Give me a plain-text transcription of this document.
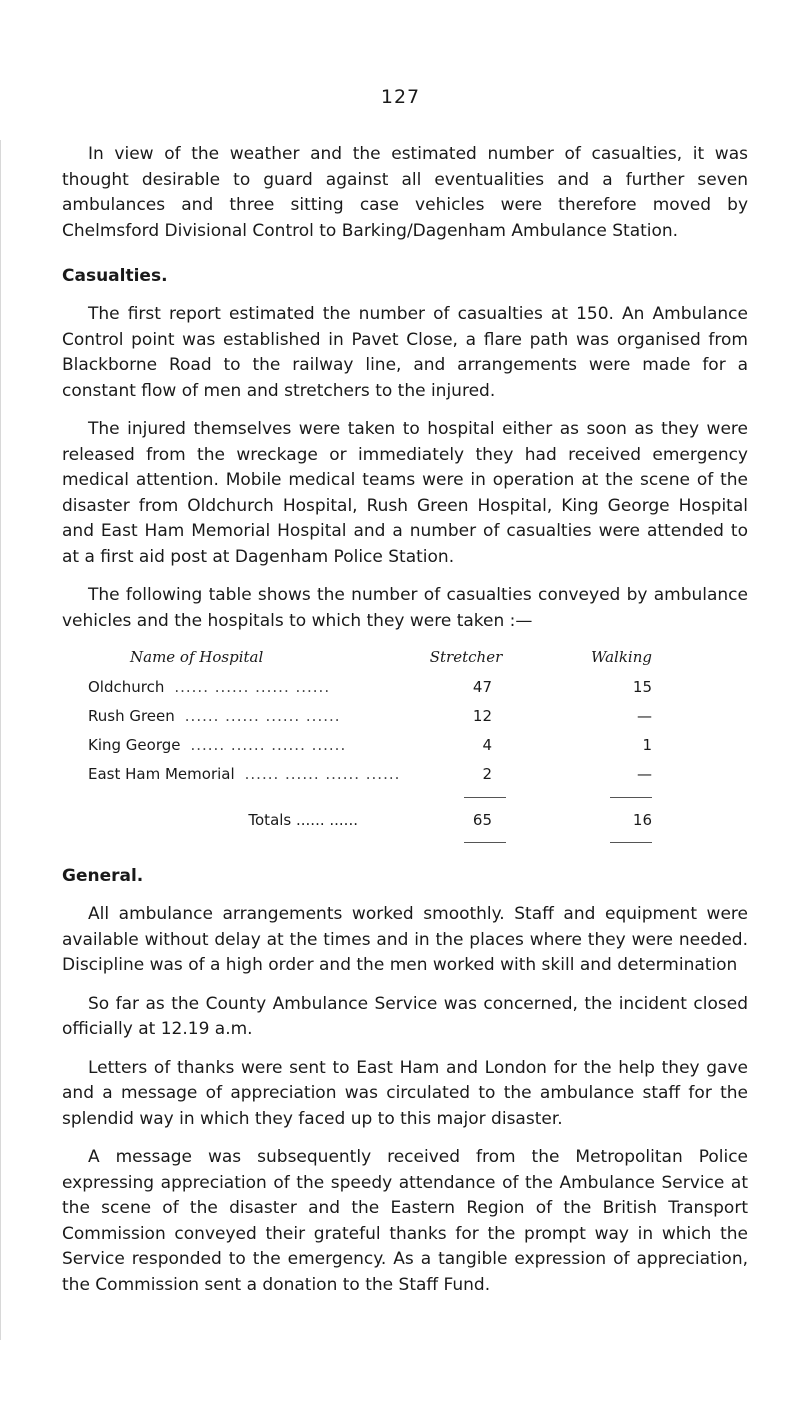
127

In view of the weather and the estimated number of casualties, it was thought desirable to guard against all eventualities and a further seven ambulances and three sitting case vehicles were therefore moved by Chelmsford Divisional Control to Barking/Dagenham Ambulance Station.

Casualties.

The first report estimated the number of casualties at 150. An Ambulance Control point was established in Pavet Close, a flare path was organised from Blackborne Road to the railway line, and arrangements were made for a constant flow of men and stretchers to the injured.

The injured themselves were taken to hospital either as soon as they were released from the wreckage or immediately they had received emergency medical attention. Mobile medical teams were in operation at the scene of the disaster from Oldchurch Hospital, Rush Green Hospital, King George Hospital and East Ham Memorial Hospital and a number of casualties were attended to at a first aid post at Dagenham Police Station.

The following table shows the number of casualties conveyed by ambulance vehicles and the hospitals to which they were taken :—

Name of Hospital	Stretcher	Walking
Oldchurch ...... ...... ...... ......	47	15
Rush Green ...... ...... ...... ......	12	—
King George ...... ...... ...... ......	4	1
East Ham Memorial ...... ...... ...... ......	2	—
Totals ...... ......	65	16
General.

All ambulance arrangements worked smoothly. Staff and equipment were available without delay at the times and in the places where they were needed. Discipline was of a high order and the men worked with skill and determination

So far as the County Ambulance Service was concerned, the incident closed officially at 12.19 a.m.

Letters of thanks were sent to East Ham and London for the help they gave and a message of appreciation was circulated to the ambulance staff for the splendid way in which they faced up to this major disaster.

A message was subsequently received from the Metropolitan Police expressing appreciation of the speedy attendance of the Ambulance Service at the scene of the disaster and the Eastern Region of the British Transport Commission conveyed their grateful thanks for the prompt way in which the Service responded to the emergency. As a tangible expression of appreciation, the Commission sent a donation to the Staff Fund.
